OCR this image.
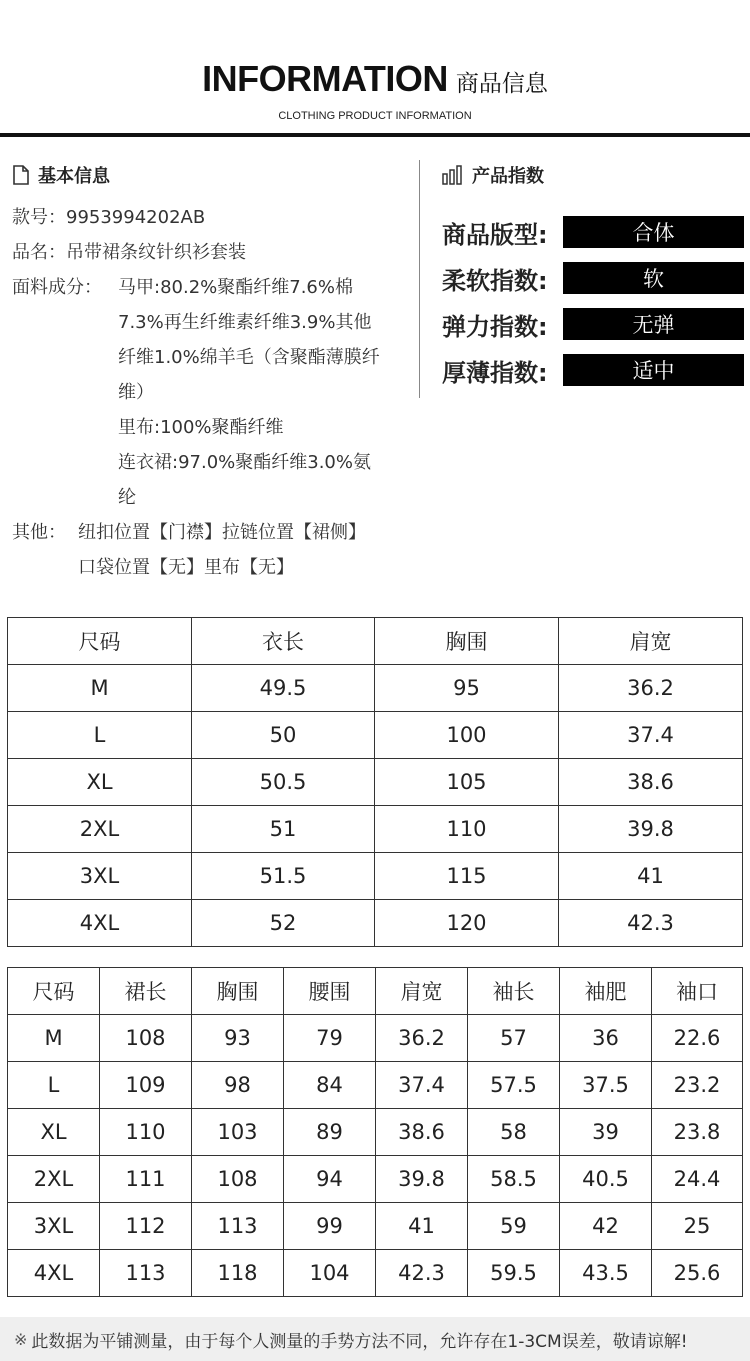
INFORMATION 商品信息
CLOTHING PRODUCT INFORMATION
基本信息
款号： 9953994202AB
品名： 吊带裙条纹针织衫套装
面料成分： 马甲:80.2%聚酯纤维7.6%棉
7.3%再生纤维素纤维3.9%其他
纤维1.0%绵羊毛（含聚酯薄膜纤
维）
里布:100%聚酯纤维
连衣裙:97.0%聚酯纤维3.0%氨
纶
其他： 纽扣位置【门襟】拉链位置【裙侧】
口袋位置【无】里布【无】
产品指数
商品版型:	合体
柔软指数:	软
弹力指数:	无弹
厚薄指数:	适中
尺码	衣长	胸围	肩宽
M	49.5	95	36.2
L	50	100	37.4
XL	50.5	105	38.6
2XL	51	110	39.8
3XL	51.5	115	41
4XL	52	120	42.3
尺码	裙长	胸围	腰围	肩宽	袖长	袖肥	袖口
M	108	93	79	36.2	57	36	22.6
L	109	98	84	37.4	57.5	37.5	23.2
XL	110	103	89	38.6	58	39	23.8
2XL	111	108	94	39.8	58.5	40.5	24.4
3XL	112	113	99	41	59	42	25
4XL	113	118	104	42.3	59.5	43.5	25.6
※ 此数据为平铺测量，由于每个人测量的手势方法不同，允许存在1-3CM误差，敬请谅解!
